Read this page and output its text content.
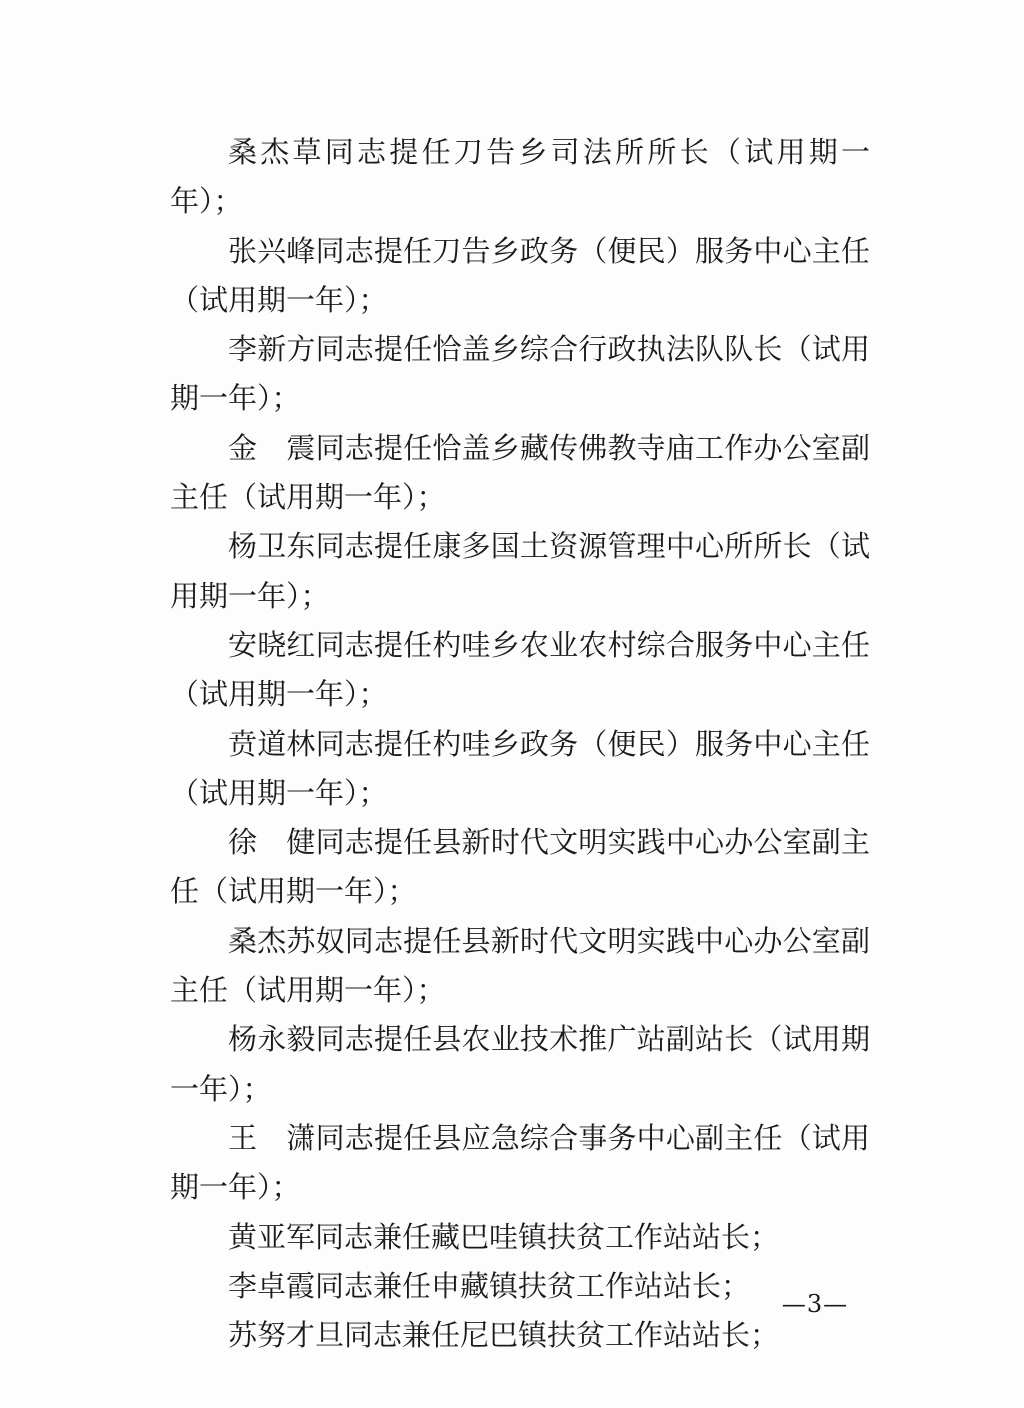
桑杰草同志提任刀告乡司法所所长（试用期一年）；

张兴峰同志提任刀告乡政务（便民）服务中心主任（试用期一年）；

李新方同志提任恰盖乡综合行政执法队队长（试用期一年）；

金　震同志提任恰盖乡藏传佛教寺庙工作办公室副主任（试用期一年）；

杨卫东同志提任康多国土资源管理中心所所长（试用期一年）；

安晓红同志提任杓哇乡农业农村综合服务中心主任（试用期一年）；

贲道林同志提任杓哇乡政务（便民）服务中心主任（试用期一年）；

徐　健同志提任县新时代文明实践中心办公室副主任（试用期一年）；

桑杰苏奴同志提任县新时代文明实践中心办公室副主任（试用期一年）；

杨永毅同志提任县农业技术推广站副站长（试用期一年）；

王　潇同志提任县应急综合事务中心副主任（试用期一年）；

黄亚军同志兼任藏巴哇镇扶贫工作站站长；

李卓霞同志兼任申藏镇扶贫工作站站长；

苏努才旦同志兼任尼巴镇扶贫工作站站长；

—3—
